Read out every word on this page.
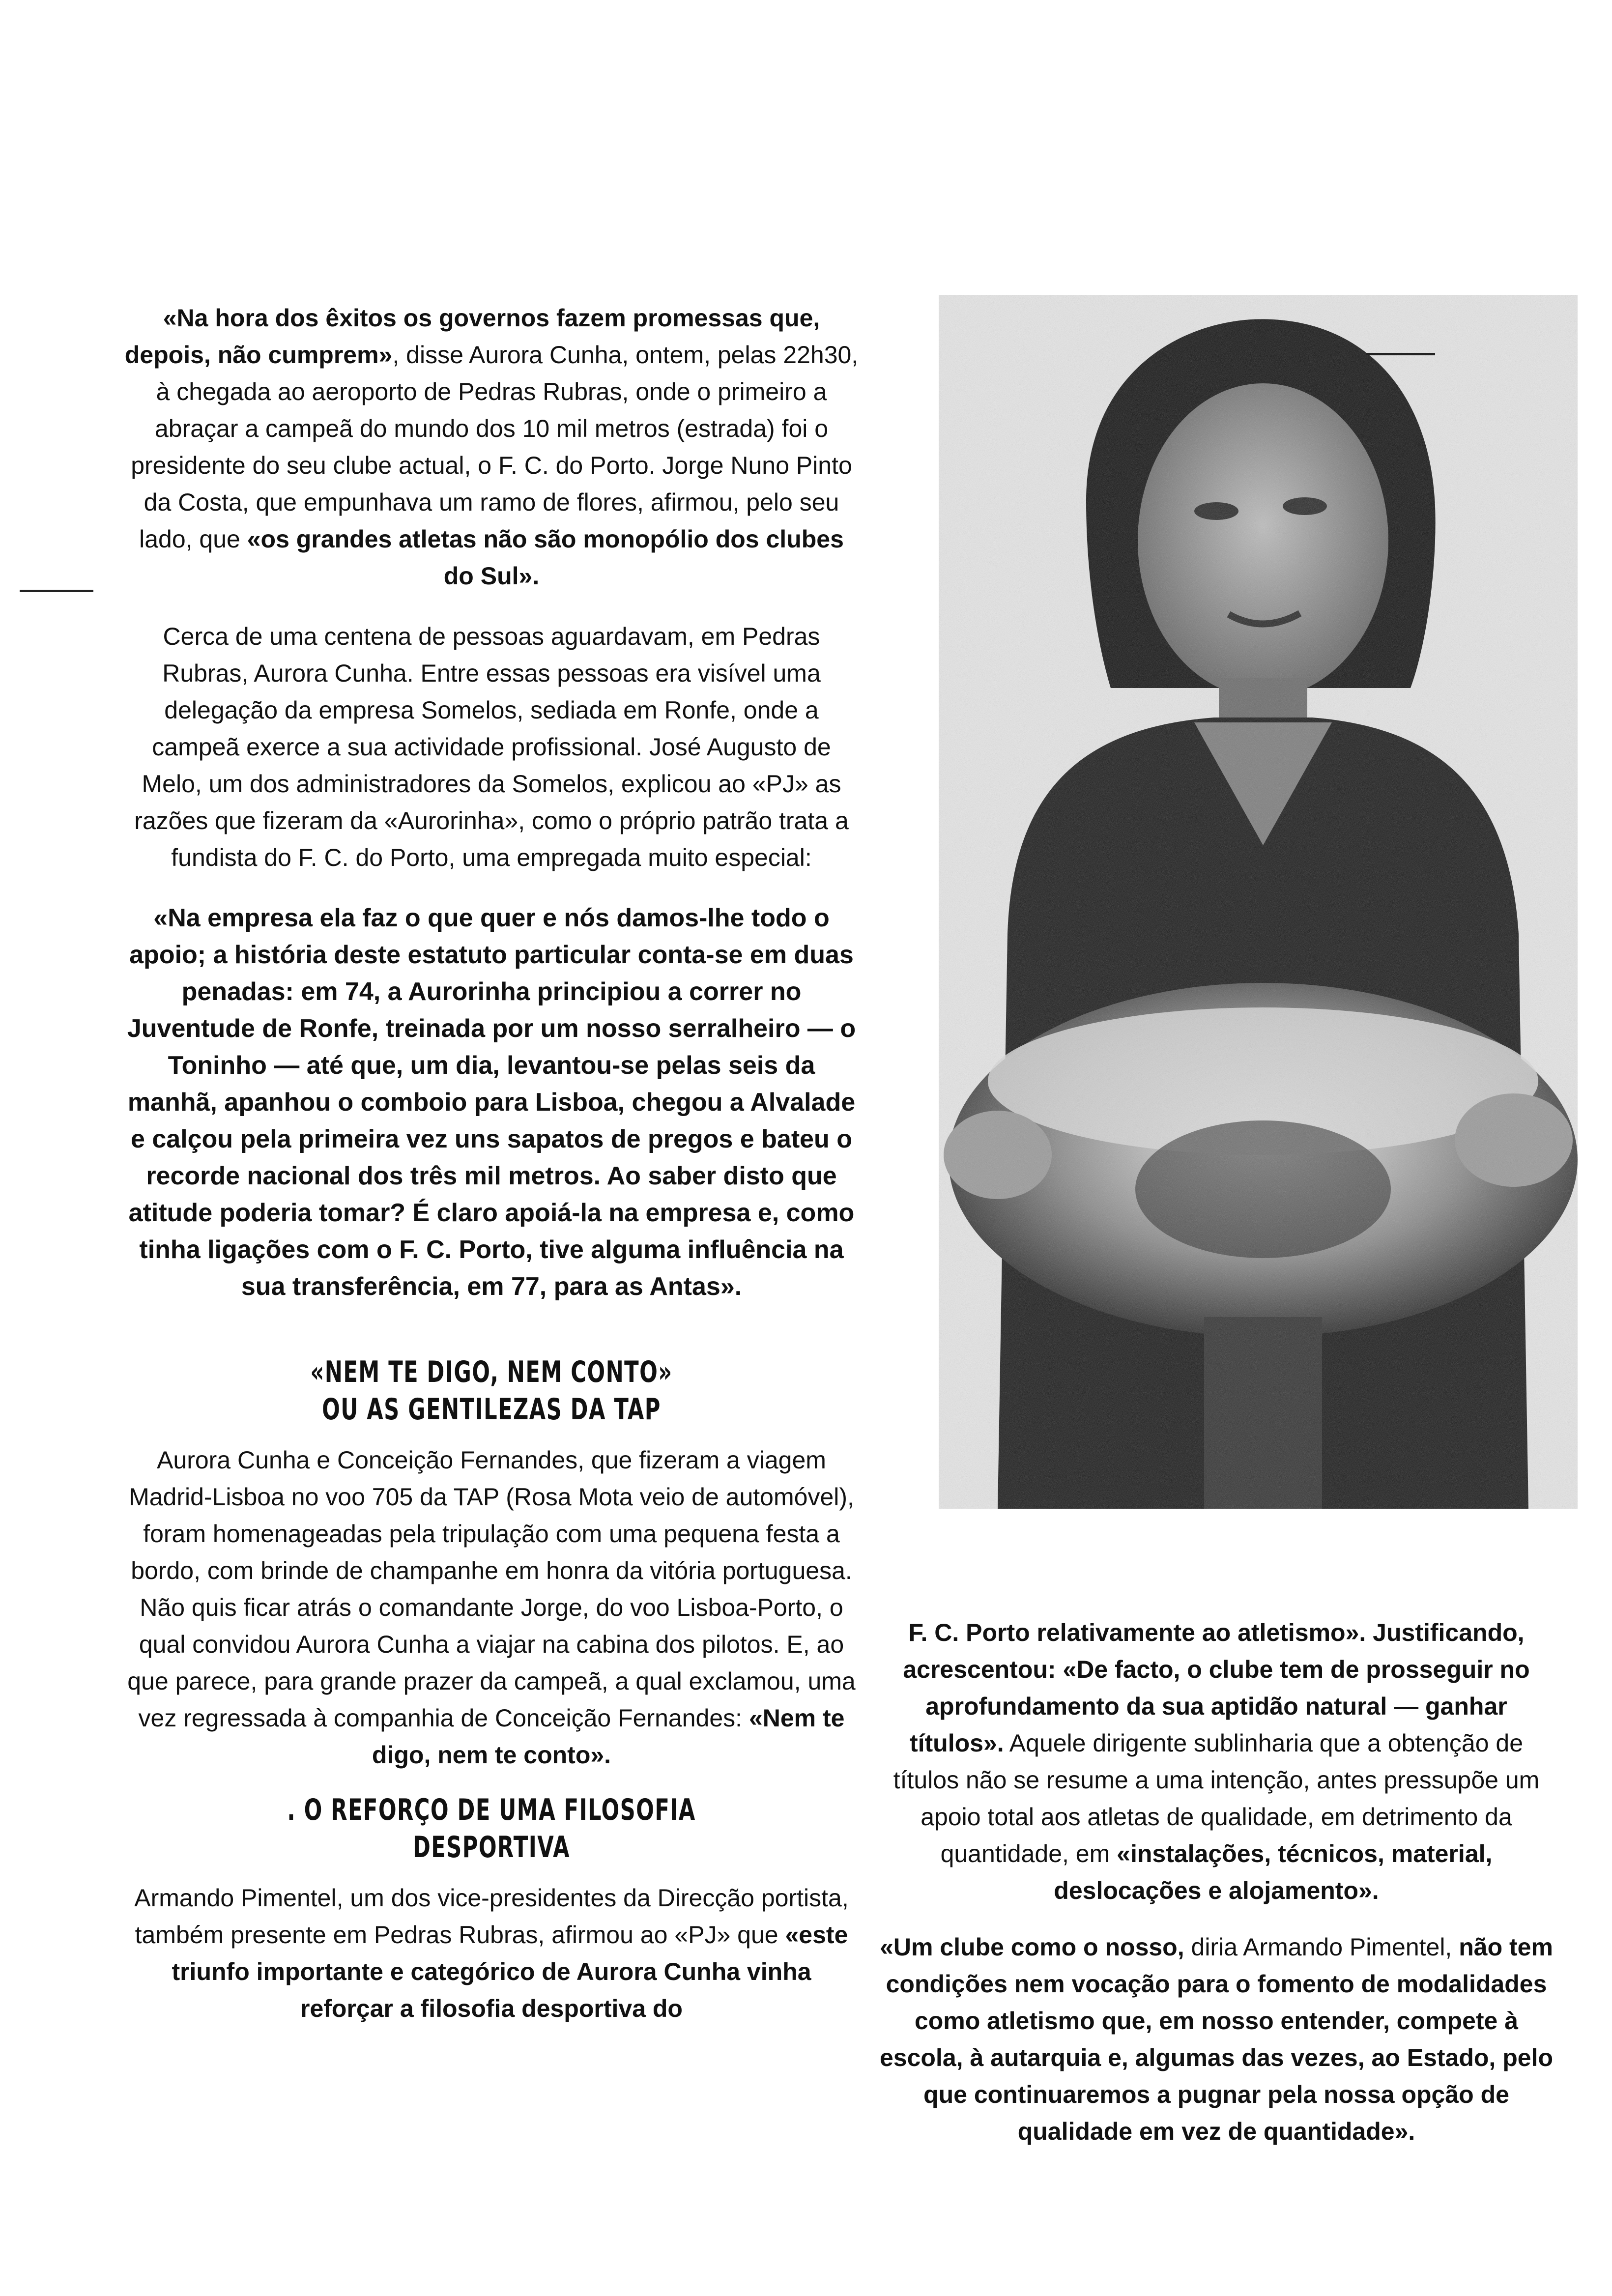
«Na hora dos êxitos os governos fazem promessas que, depois, não cumprem», disse Aurora Cunha, ontem, pelas 22h30, à chegada ao aeroporto de Pedras Rubras, onde o primeiro a abraçar a campeã do mundo dos 10 mil metros (estrada) foi o presidente do seu clube actual, o F. C. do Porto. Jorge Nuno Pinto da Costa, que empunhava um ramo de flores, afirmou, pelo seu lado, que «os grandes atletas não são monopólio dos clubes do Sul».

Cerca de uma centena de pessoas aguardavam, em Pedras Rubras, Aurora Cunha. Entre essas pessoas era visível uma delegação da empresa Somelos, sediada em Ronfe, onde a campeã exerce a sua actividade profissional. José Augusto de Melo, um dos administradores da Somelos, explicou ao «PJ» as razões que fizeram da «Aurorinha», como o próprio patrão trata a fundista do F. C. do Porto, uma empregada muito especial:

«Na empresa ela faz o que quer e nós damos-lhe todo o apoio; a história deste estatuto particular conta-se em duas penadas: em 74, a Aurorinha principiou a correr no Juventude de Ronfe, treinada por um nosso serralheiro — o Toninho — até que, um dia, levantou-se pelas seis da manhã, apanhou o comboio para Lisboa, chegou a Alvalade e calçou pela primeira vez uns sapatos de pregos e bateu o recorde nacional dos três mil metros. Ao saber disto que atitude poderia tomar? É claro apoiá-la na empresa e, como tinha ligações com o F. C. Porto, tive alguma influência na sua transferência, em 77, para as Antas».

«NEM TE DIGO, NEM CONTO»

OU AS GENTILEZAS DA TAP

Aurora Cunha e Conceição Fernandes, que fizeram a viagem Madrid-Lisboa no voo 705 da TAP (Rosa Mota veio de automóvel), foram homenageadas pela tripulação com uma pequena festa a bordo, com brinde de champanhe em honra da vitória portuguesa. Não quis ficar atrás o comandante Jorge, do voo Lisboa-Porto, o qual convidou Aurora Cunha a viajar na cabina dos pilotos. E, ao que parece, para grande prazer da campeã, a qual exclamou, uma vez regressada à companhia de Conceição Fernandes: «Nem te digo, nem te conto».

. O REFORÇO DE UMA FILOSOFIA DESPORTIVA

Armando Pimentel, um dos vice-presidentes da Direcção portista, também presente em Pedras Rubras, afirmou ao «PJ» que «este triunfo importante e categórico de Aurora Cunha vinha reforçar a filosofia desportiva do

F. C. Porto relativamente ao atletismo». Justificando, acrescentou: «De facto, o clube tem de prosseguir no aprofundamento da sua aptidão natural — ganhar títulos». Aquele dirigente sublinharia que a obtenção de títulos não se resume a uma intenção, antes pressupõe um apoio total aos atletas de qualidade, em detrimento da quantidade, em «instalações, técnicos, material, deslocações e alojamento».

«Um clube como o nosso, diria Armando Pimentel, não tem condições nem vocação para o fomento de modalidades como atletismo que, em nosso entender, compete à escola, à autarquia e, algumas das vezes, ao Estado, pelo que continuaremos a pugnar pela nossa opção de qualidade em vez de quantidade».
